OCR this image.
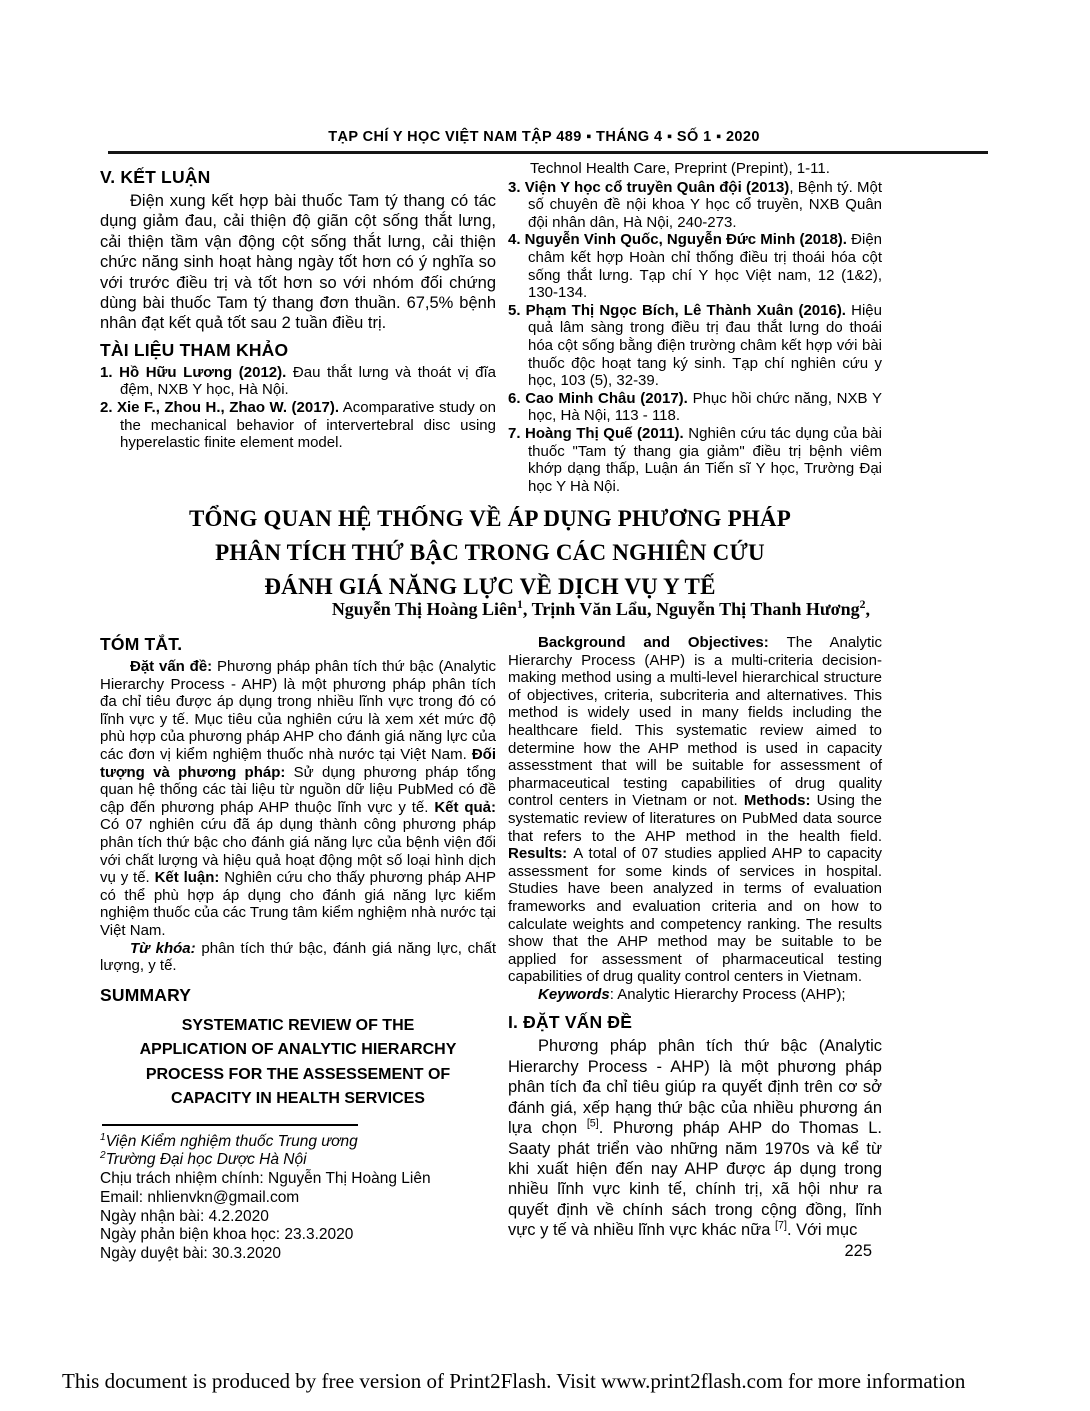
TẠP CHÍ Y HỌC VIỆT NAM TẬP 489 ▪ THÁNG 4 ▪ SỐ 1 ▪ 2020
V. KẾT LUẬN

Điện xung kết hợp bài thuốc Tam tý thang có tác dụng giảm đau, cải thiện độ giãn cột sống thắt lưng, cải thiện tầm vận động cột sống thắt lưng, cải thiện chức năng sinh hoạt hàng ngày tốt hơn có ý nghĩa so với trước điều trị và tốt hơn so với nhóm đối chứng dùng bài thuốc Tam tý thang đơn thuần. 67,5% bệnh nhân đạt kết quả tốt sau 2 tuần điều trị.

TÀI LIỆU THAM KHẢO

1. Hồ Hữu Lương (2012). Đau thắt lưng và thoát vị đĩa đệm, NXB Y học, Hà Nội.

2. Xie F., Zhou H., Zhao W. (2017). Acomparative study on the mechanical behavior of intervertebral disc using hyperelastic finite element model.

Technol Health Care, Preprint (Prepint), 1-11.

3. Viện Y học cổ truyền Quân đội (2013), Bệnh tý. Một số chuyên đề nội khoa Y học cổ truyền, NXB Quân đội nhân dân, Hà Nội, 240-273.

4. Nguyễn Vinh Quốc, Nguyễn Đức Minh (2018). Điện châm kết hợp Hoàn chỉ thống điều trị thoái hóa cột sống thắt lưng. Tạp chí Y học Việt nam, 12 (1&2), 130-134.

5. Phạm Thị Ngọc Bích, Lê Thành Xuân (2016). Hiệu quả lâm sàng trong điều trị đau thắt lưng do thoái hóa cột sống bằng điện trường châm kết hợp với bài thuốc độc hoạt tang ký sinh. Tạp chí nghiên cứu y học, 103 (5), 32-39.

6. Cao Minh Châu (2017). Phục hồi chức năng, NXB Y học, Hà Nội, 113 - 118.

7. Hoàng Thị Quế (2011). Nghiên cứu tác dụng của bài thuốc "Tam tý thang gia giảm" điều trị bệnh viêm khớp dạng thấp, Luận án Tiến sĩ Y học, Trường Đại học Y Hà Nội.

TỔNG QUAN HỆ THỐNG VỀ ÁP DỤNG PHƯƠNG PHÁP
PHÂN TÍCH THỨ BẬC TRONG CÁC NGHIÊN CỨU
ĐÁNH GIÁ NĂNG LỰC VỀ DỊCH VỤ Y TẾ
Nguyễn Thị Hoàng Liên$^1$, Trịnh Văn Lẩu, Nguyễn Thị Thanh Hương$^2$,
TÓM TẮT.

Đặt vấn đề: Phương pháp phân tích thứ bậc (Analytic Hierarchy Process - AHP) là một phương pháp phân tích đa chỉ tiêu được áp dụng trong nhiều lĩnh vực trong đó có lĩnh vực y tế. Mục tiêu của nghiên cứu là xem xét mức độ phù hợp của phương pháp AHP cho đánh giá năng lực của các đơn vị kiểm nghiệm thuốc nhà nước tại Việt Nam. Đối tượng và phương pháp: Sử dụng phương pháp tổng quan hệ thống các tài liệu từ nguồn dữ liệu PubMed có đề cập đến phương pháp AHP thuộc lĩnh vực y tế. Kết quả: Có 07 nghiên cứu đã áp dụng thành công phương pháp phân tích thứ bậc cho đánh giá năng lực của bệnh viện đối với chất lượng và hiệu quả hoạt động một số loại hình dịch vụ y tế. Kết luận: Nghiên cứu cho thấy phương pháp AHP có thể phù hợp áp dụng cho đánh giá năng lực kiểm nghiệm thuốc của các Trung tâm kiểm nghiệm nhà nước tại Việt Nam.

Từ khóa: phân tích thứ bậc, đánh giá năng lực, chất lượng, y tế.

SUMMARY
SYSTEMATIC REVIEW OF THE
APPLICATION OF ANALYTIC HIERARCHY
PROCESS FOR THE ASSESSEMENT OF
CAPACITY IN HEALTH SERVICES

$^1$Viện Kiểm nghiệm thuốc Trung ương

$^2$Trường Đại học Dược Hà Nội

Chịu trách nhiệm chính: Nguyễn Thị Hoàng Liên

Email: nhlienvkn@gmail.com

Ngày nhận bài: 4.2.2020

Ngày phản biện khoa học: 23.3.2020

Ngày duyệt bài: 30.3.2020

Background and Objectives: The Analytic Hierarchy Process (AHP) is a multi-criteria decision-making method using a multi-level hierarchical structure of objectives, criteria, subcriteria and alternatives. This method is widely used in many fields including the healthcare field. This systematic review aimed to determine how the AHP method is used in capacity assesstment that will be suitable for assessment of pharmaceutical testing capabilities of drug quality control centers in Vietnam or not. Methods: Using the systematic review of literatures on PubMed data source that refers to the AHP method in the health field. Results: A total of 07 studies applied AHP to capacity assessment for some kinds of services in hospital. Studies have been analyzed in terms of evaluation frameworks and evaluation criteria and on how to calculate weights and competency ranking. The results show that the AHP method may be suitable to be applied for assessment of pharmaceutical testing capabilities of drug quality control centers in Vietnam.

Keywords: Analytic Hierarchy Process (AHP);

I. ĐẶT VẤN ĐỀ

Phương pháp phân tích thứ bậc (Analytic Hierarchy Process - AHP) là một phương pháp phân tích đa chỉ tiêu giúp ra quyết định trên cơ sở đánh giá, xếp hạng thứ bậc của nhiều phương án lựa chọn [5]. Phương pháp AHP do Thomas L. Saaty phát triển vào những năm 1970s và kể từ khi xuất hiện đến nay AHP được áp dụng trong nhiều lĩnh vực kinh tế, chính trị, xã hội như ra quyết định về chính sách trong cộng đồng, lĩnh vực y tế và nhiều lĩnh vực khác nữa [7]. Với mục

225
This document is produced by free version of Print2Flash. Visit www.print2flash.com for more information
